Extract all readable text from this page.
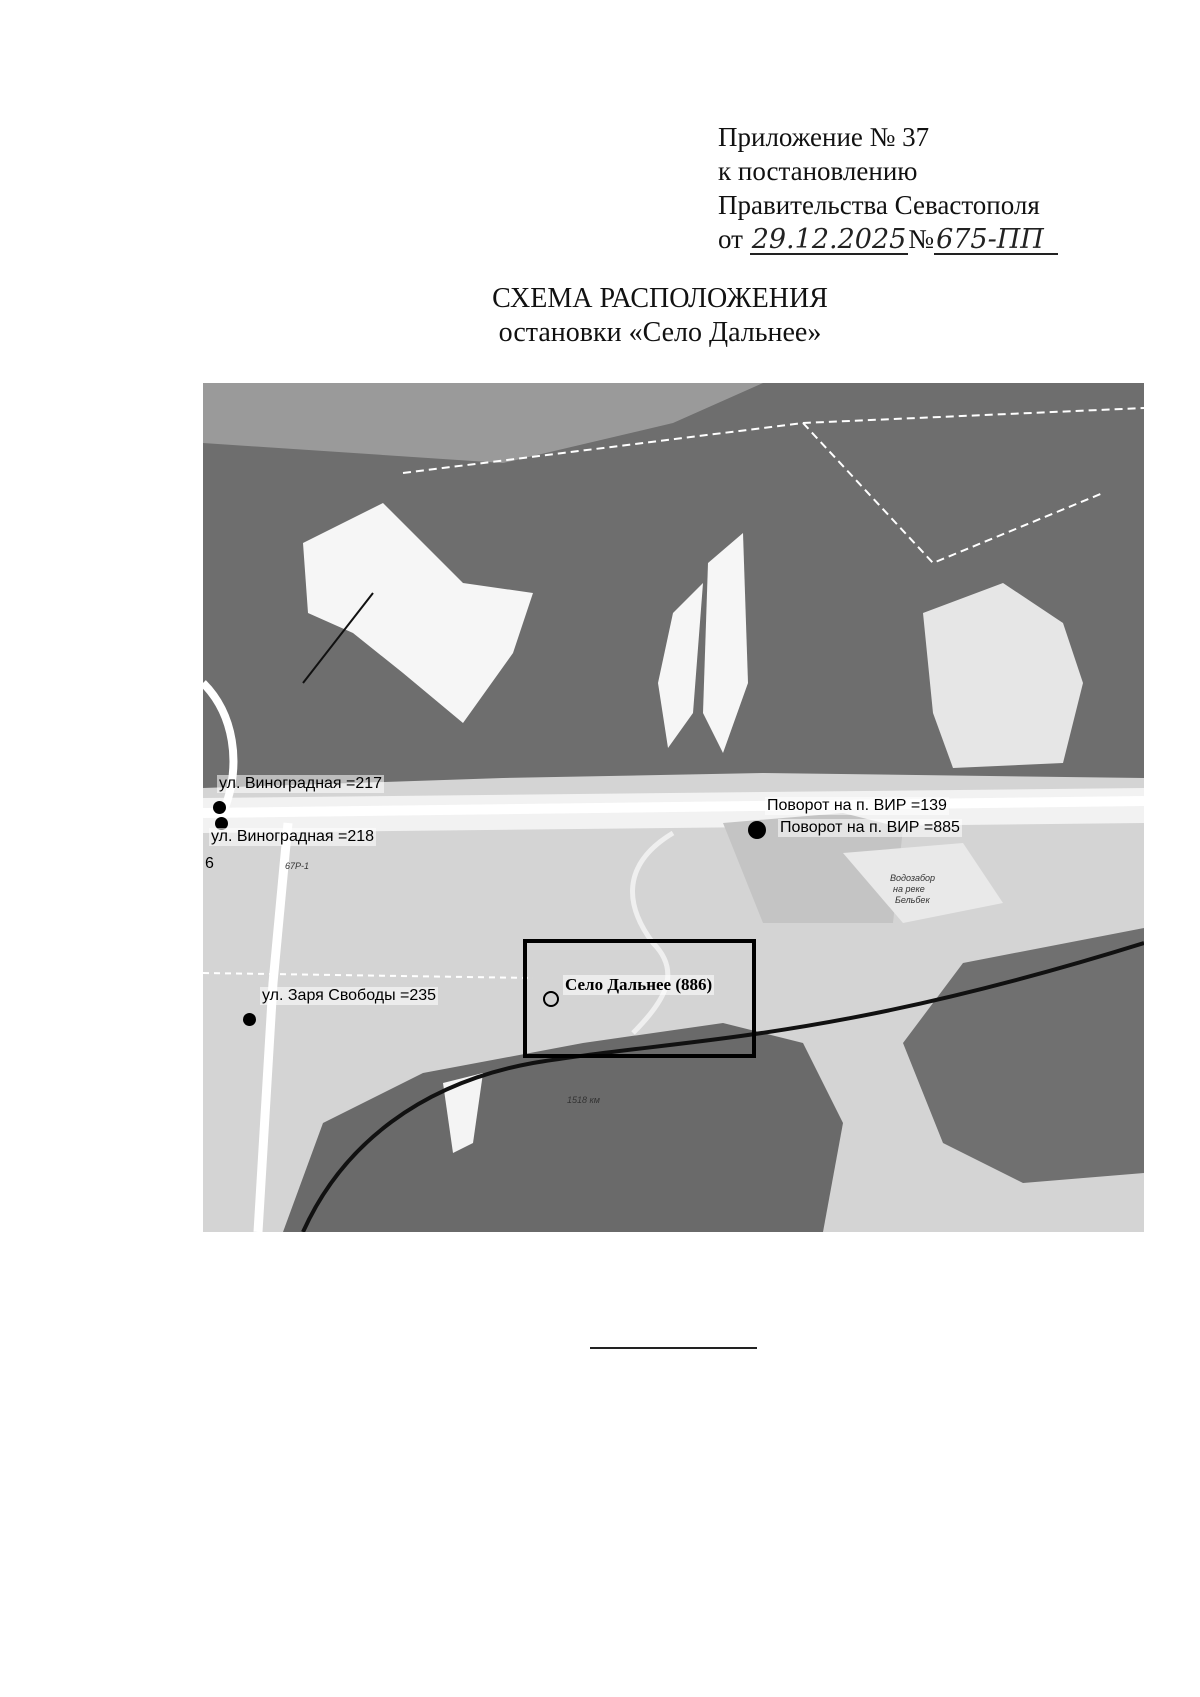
Приложение № 37
к постановлению
Правительства Севастополя
от 29.12.2025№675-ПП
СХЕМА РАСПОЛОЖЕНИЯ
остановки «Село Дальнее»
ул. Виноградная =217
ул. Виноградная =218
ул. Заря Свободы =235
Поворот на п. ВИР =139
Поворот на п. ВИР =885
Село Дальнее (886)
67Р-1
1518 км
6
Водозабор
на реке
Бельбек
